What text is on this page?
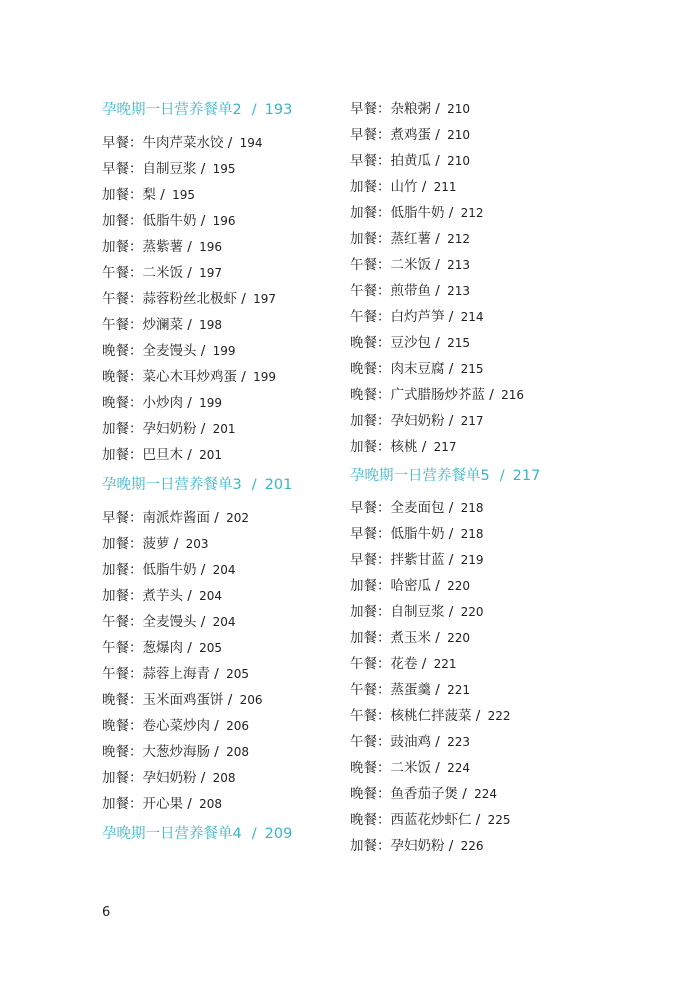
孕晚期一日营养餐单2 / 193
早餐：牛肉芹菜水饺 / 194
早餐：自制豆浆 / 195
加餐：梨 / 195
加餐：低脂牛奶 / 196
加餐：蒸紫薯 / 196
午餐：二米饭 / 197
午餐：蒜蓉粉丝北极虾 / 197
午餐：炒澜菜 / 198
晚餐：全麦馒头 / 199
晚餐：菜心木耳炒鸡蛋 / 199
晚餐：小炒肉 / 199
加餐：孕妇奶粉 / 201
加餐：巴旦木 / 201
孕晚期一日营养餐单3 / 201
早餐：南派炸酱面 / 202
加餐：菠萝 / 203
加餐：低脂牛奶 / 204
加餐：煮芋头 / 204
午餐：全麦馒头 / 204
午餐：葱爆肉 / 205
午餐：蒜蓉上海青 / 205
晚餐：玉米面鸡蛋饼 / 206
晚餐：卷心菜炒肉 / 206
晚餐：大葱炒海肠 / 208
加餐：孕妇奶粉 / 208
加餐：开心果 / 208
孕晚期一日营养餐单4 / 209
早餐：杂粮粥 / 210
早餐：煮鸡蛋 / 210
早餐：拍黄瓜 / 210
加餐：山竹 / 211
加餐：低脂牛奶 / 212
加餐：蒸红薯 / 212
午餐：二米饭 / 213
午餐：煎带鱼 / 213
午餐：白灼芦笋 / 214
晚餐：豆沙包 / 215
晚餐：肉末豆腐 / 215
晚餐：广式腊肠炒芥蓝 / 216
加餐：孕妇奶粉 / 217
加餐：核桃 / 217
孕晚期一日营养餐单5 / 217
早餐：全麦面包 / 218
早餐：低脂牛奶 / 218
早餐：拌紫甘蓝 / 219
加餐：哈密瓜 / 220
加餐：自制豆浆 / 220
加餐：煮玉米 / 220
午餐：花卷 / 221
午餐：蒸蛋羹 / 221
午餐：核桃仁拌菠菜 / 222
午餐：豉油鸡 / 223
晚餐：二米饭 / 224
晚餐：鱼香茄子煲 / 224
晚餐：西蓝花炒虾仁 / 225
加餐：孕妇奶粉 / 226
6
